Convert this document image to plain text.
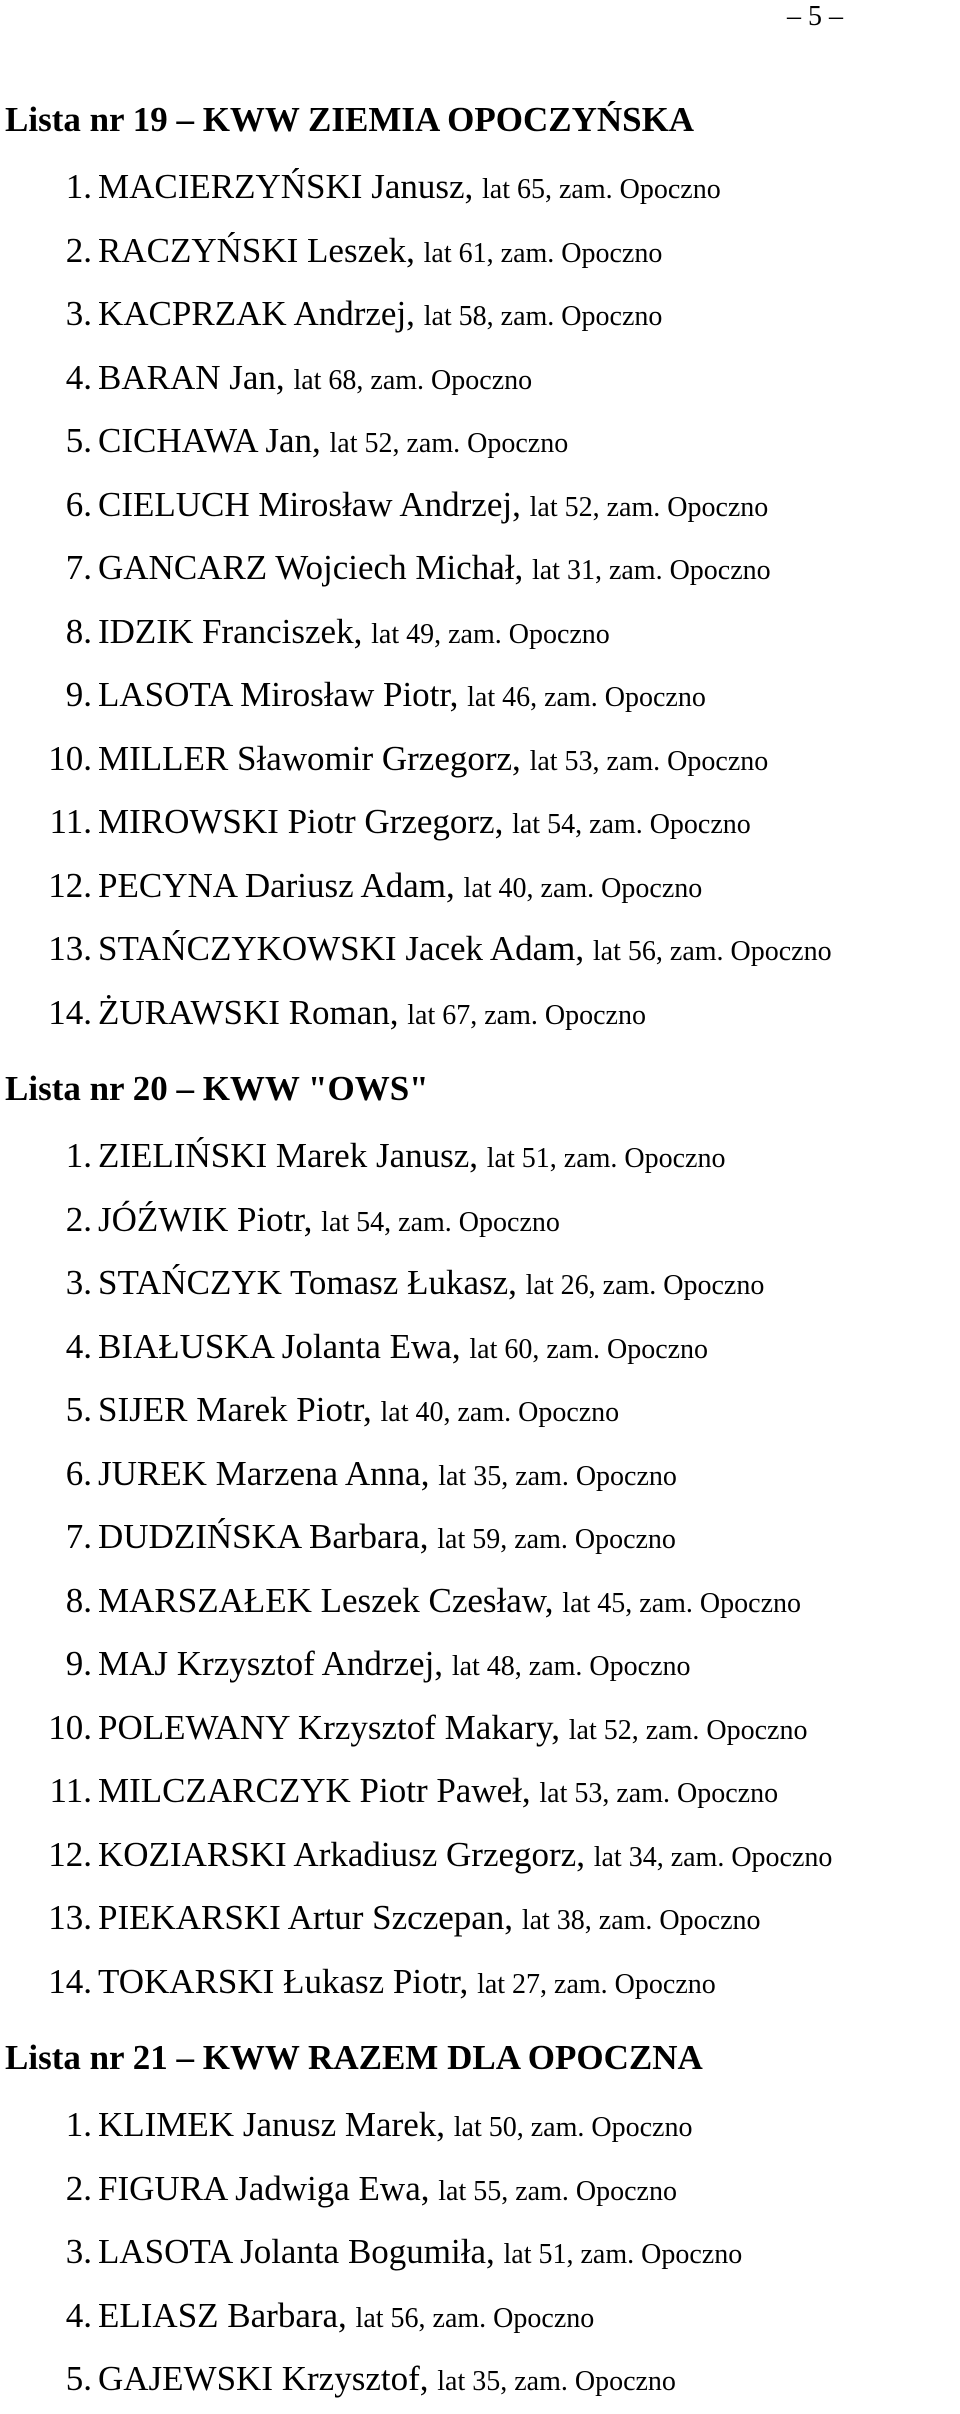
– 5 –
Lista nr 19 – KWW ZIEMIA OPOCZYŃSKA
1. MACIERZYŃSKI Janusz, lat 65, zam. Opoczno
2. RACZYŃSKI Leszek, lat 61, zam. Opoczno
3. KACPRZAK Andrzej, lat 58, zam. Opoczno
4. BARAN Jan, lat 68, zam. Opoczno
5. CICHAWA Jan, lat 52, zam. Opoczno
6. CIELUCH Mirosław Andrzej, lat 52, zam. Opoczno
7. GANCARZ Wojciech Michał, lat 31, zam. Opoczno
8. IDZIK Franciszek, lat 49, zam. Opoczno
9. LASOTA Mirosław Piotr, lat 46, zam. Opoczno
10. MILLER Sławomir Grzegorz, lat 53, zam. Opoczno
11. MIROWSKI Piotr Grzegorz, lat 54, zam. Opoczno
12. PECYNA Dariusz Adam, lat 40, zam. Opoczno
13. STAŃCZYKOWSKI Jacek Adam, lat 56, zam. Opoczno
14. ŻURAWSKI Roman, lat 67, zam. Opoczno
Lista nr 20 – KWW "OWS"
1. ZIELIŃSKI Marek Janusz, lat 51, zam. Opoczno
2. JÓŹWIK Piotr, lat 54, zam. Opoczno
3. STAŃCZYK Tomasz Łukasz, lat 26, zam. Opoczno
4. BIAŁUSKA Jolanta Ewa, lat 60, zam. Opoczno
5. SIJER Marek Piotr, lat 40, zam. Opoczno
6. JUREK Marzena Anna, lat 35, zam. Opoczno
7. DUDZIŃSKA Barbara, lat 59, zam. Opoczno
8. MARSZAŁEK Leszek Czesław, lat 45, zam. Opoczno
9. MAJ Krzysztof Andrzej, lat 48, zam. Opoczno
10. POLEWANY Krzysztof Makary, lat 52, zam. Opoczno
11. MILCZARCZYK Piotr Paweł, lat 53, zam. Opoczno
12. KOZIARSKI Arkadiusz Grzegorz, lat 34, zam. Opoczno
13. PIEKARSKI Artur Szczepan, lat 38, zam. Opoczno
14. TOKARSKI Łukasz Piotr, lat 27, zam. Opoczno
Lista nr 21 – KWW RAZEM DLA OPOCZNA
1. KLIMEK Janusz Marek, lat 50, zam. Opoczno
2. FIGURA Jadwiga Ewa, lat 55, zam. Opoczno
3. LASOTA Jolanta Bogumiła, lat 51, zam. Opoczno
4. ELIASZ Barbara, lat 56, zam. Opoczno
5. GAJEWSKI Krzysztof, lat 35, zam. Opoczno
